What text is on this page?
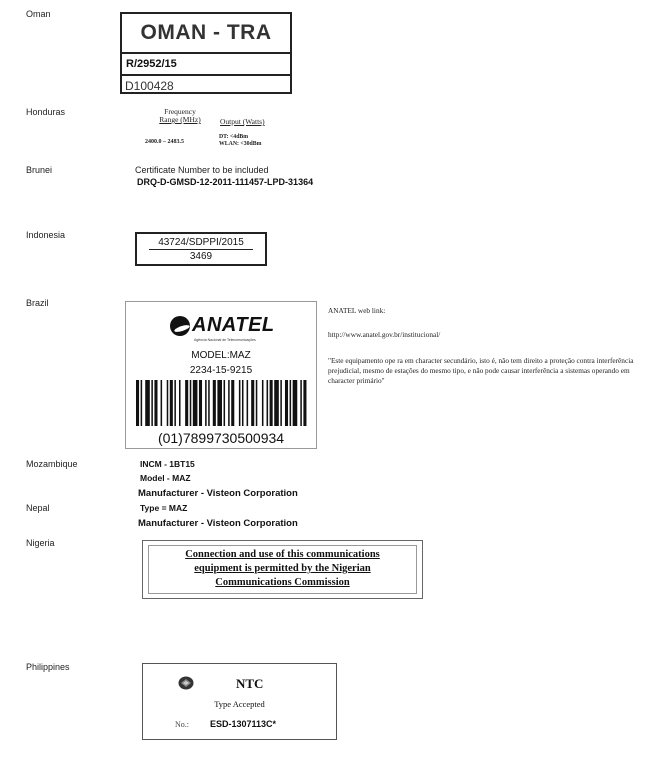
Oman
Honduras
Brunei
Indonesia
Brazil
Mozambique
Nepal
Nigeria
Philippines
OMAN - TRA
R/2952/15
D100428
Frequency
Range (MHz)	Output (Watts)
2400.0 – 2483.5
DT: <4dBm
WLAN: <30dBm
Certificate Number to be included
DRQ-D-GMSD-12-2011-111457-LPD-31364
43724/SDPPI/2015
3469
ANATEL
Agência Nacional de Telecomunicações
MODEL:MAZ
2234-15-9215
(01)7899730500934
ANATEL web link:
http://www.anatel.gov.br/institucional/
"Este equipamento ope ra em character secundário, isto é, não tem direito a proteção contra interferência prejudicial, mesmo de estações do mesmo tipo, e não pode causar interferência a sistemas operando em character primário"
INCM - 1BT15
Model - MAZ
Manufacturer - Visteon Corporation
Type = MAZ
Manufacturer - Visteon Corporation
Connection and use of this communications
equipment is permitted by the Nigerian
Communications Commission
NTC
Type Accepted
No.: ESD-1307113C*
